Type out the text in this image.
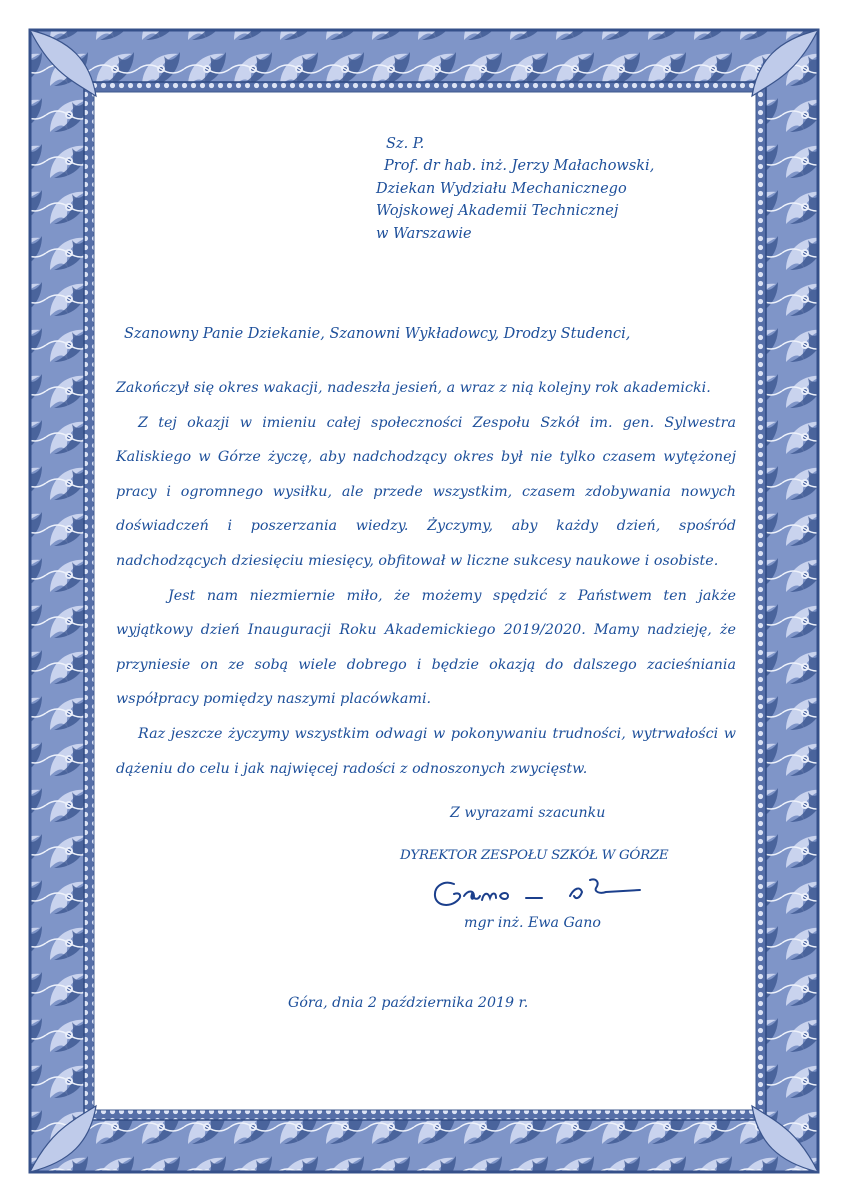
Sz. P.
Prof. dr hab. inż. Jerzy Małachowski,
Dziekan Wydziału Mechanicznego
Wojskowej Akademii Technicznej
w Warszawie

Szanowny Panie Dziekanie, Szanowni Wykładowcy, Drodzy Studenci,

Zakończył się okres wakacji, nadeszła jesień, a wraz z nią kolejny rok akademicki.

Z tej okazji w imieniu całej społeczności Zespołu Szkół im. gen. Sylwestra Kaliskiego w Górze życzę, aby nadchodzący okres był nie tylko czasem wytężonej pracy i ogromnego wysiłku, ale przede wszystkim, czasem zdobywania nowych doświadczeń i poszerzania wiedzy. Życzymy, aby każdy dzień, spośród nadchodzących dziesięciu miesięcy, obfitował w liczne sukcesy naukowe i osobiste.

Jest nam niezmiernie miło, że możemy spędzić z Państwem ten jakże wyjątkowy dzień Inauguracji Roku Akademickiego 2019/2020. Mamy nadzieję, że przyniesie on ze sobą wiele dobrego i będzie okazją do dalszego zacieśniania współpracy pomiędzy naszymi placówkami.

Raz jeszcze życzymy wszystkim odwagi w pokonywaniu trudności, wytrwałości w dążeniu do celu i jak najwięcej radości z odnoszonych zwycięstw.

Z wyrazami szacunku

DYREKTOR ZESPOŁU SZKÓŁ W GÓRZE

mgr inż. Ewa Gano

Góra, dnia 2 października 2019 r.
